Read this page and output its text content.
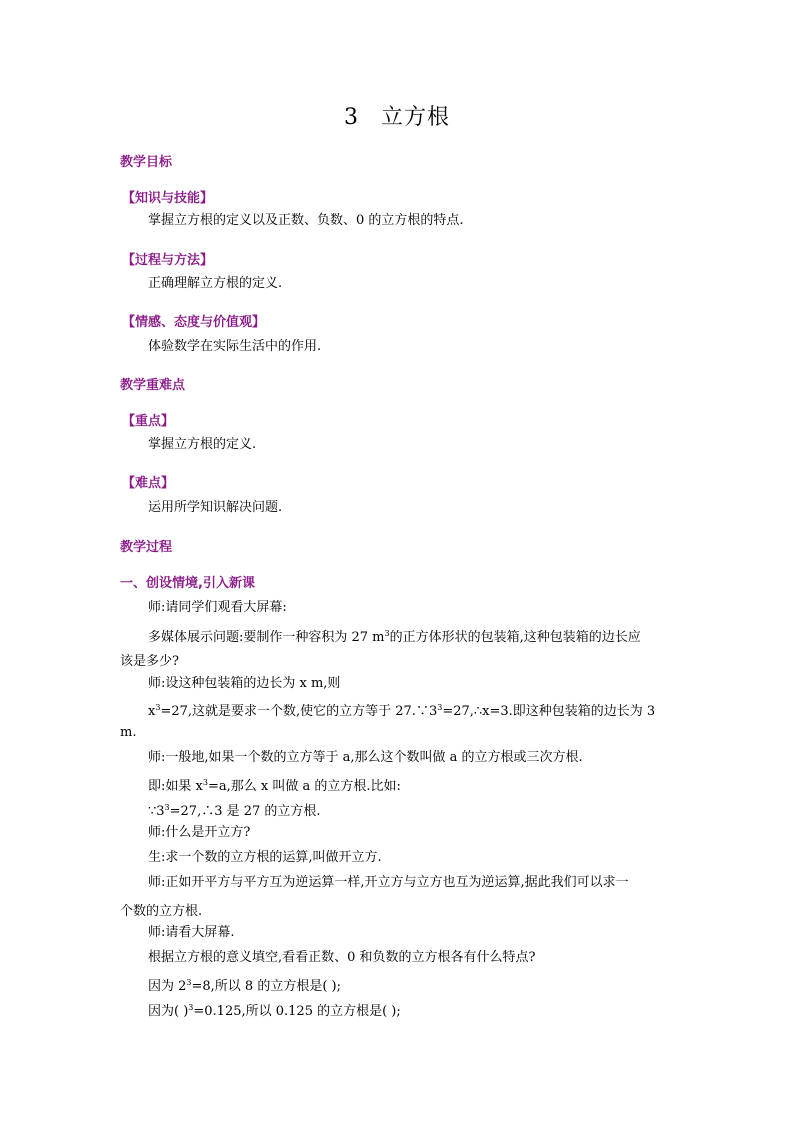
3 立方根
教学目标
【知识与技能】
掌握立方根的定义以及正数、负数、0 的立方根的特点.
【过程与方法】
正确理解立方根的定义.
【情感、态度与价值观】
体验数学在实际生活中的作用.
教学重难点
【重点】
掌握立方根的定义.
【难点】
运用所学知识解决问题.
教学过程
一、创设情境,引入新课
师:请同学们观看大屏幕:
多媒体展示问题:要制作一种容积为 27 $m^3$的正方体形状的包装箱,这种包装箱的边长应
该是多少?
师:设这种包装箱的边长为 x m,则
$x^3=27$,这就是要求一个数,使它的立方等于 $27.\because 3^3=27,\therefore x=3$.即这种包装箱的边长为 3
m.
师:一般地,如果一个数的立方等于 a,那么这个数叫做 a 的立方根或三次方根.
即:如果 $x^3=a$,那么 x 叫做 a 的立方根.比如:
$\because 3^3=27,\therefore 3$ 是 27 的立方根.
师:什么是开立方?
生:求一个数的立方根的运算,叫做开立方.
师:正如开平方与平方互为逆运算一样,开立方与立方也互为逆运算,据此我们可以求一
个数的立方根.
师:请看大屏幕.
根据立方根的意义填空,看看正数、0 和负数的立方根各有什么特点?
因为 $2^3=8$,所以 8 的立方根是( );
因为( )$^3$=0.125,所以 0.125 的立方根是( );
